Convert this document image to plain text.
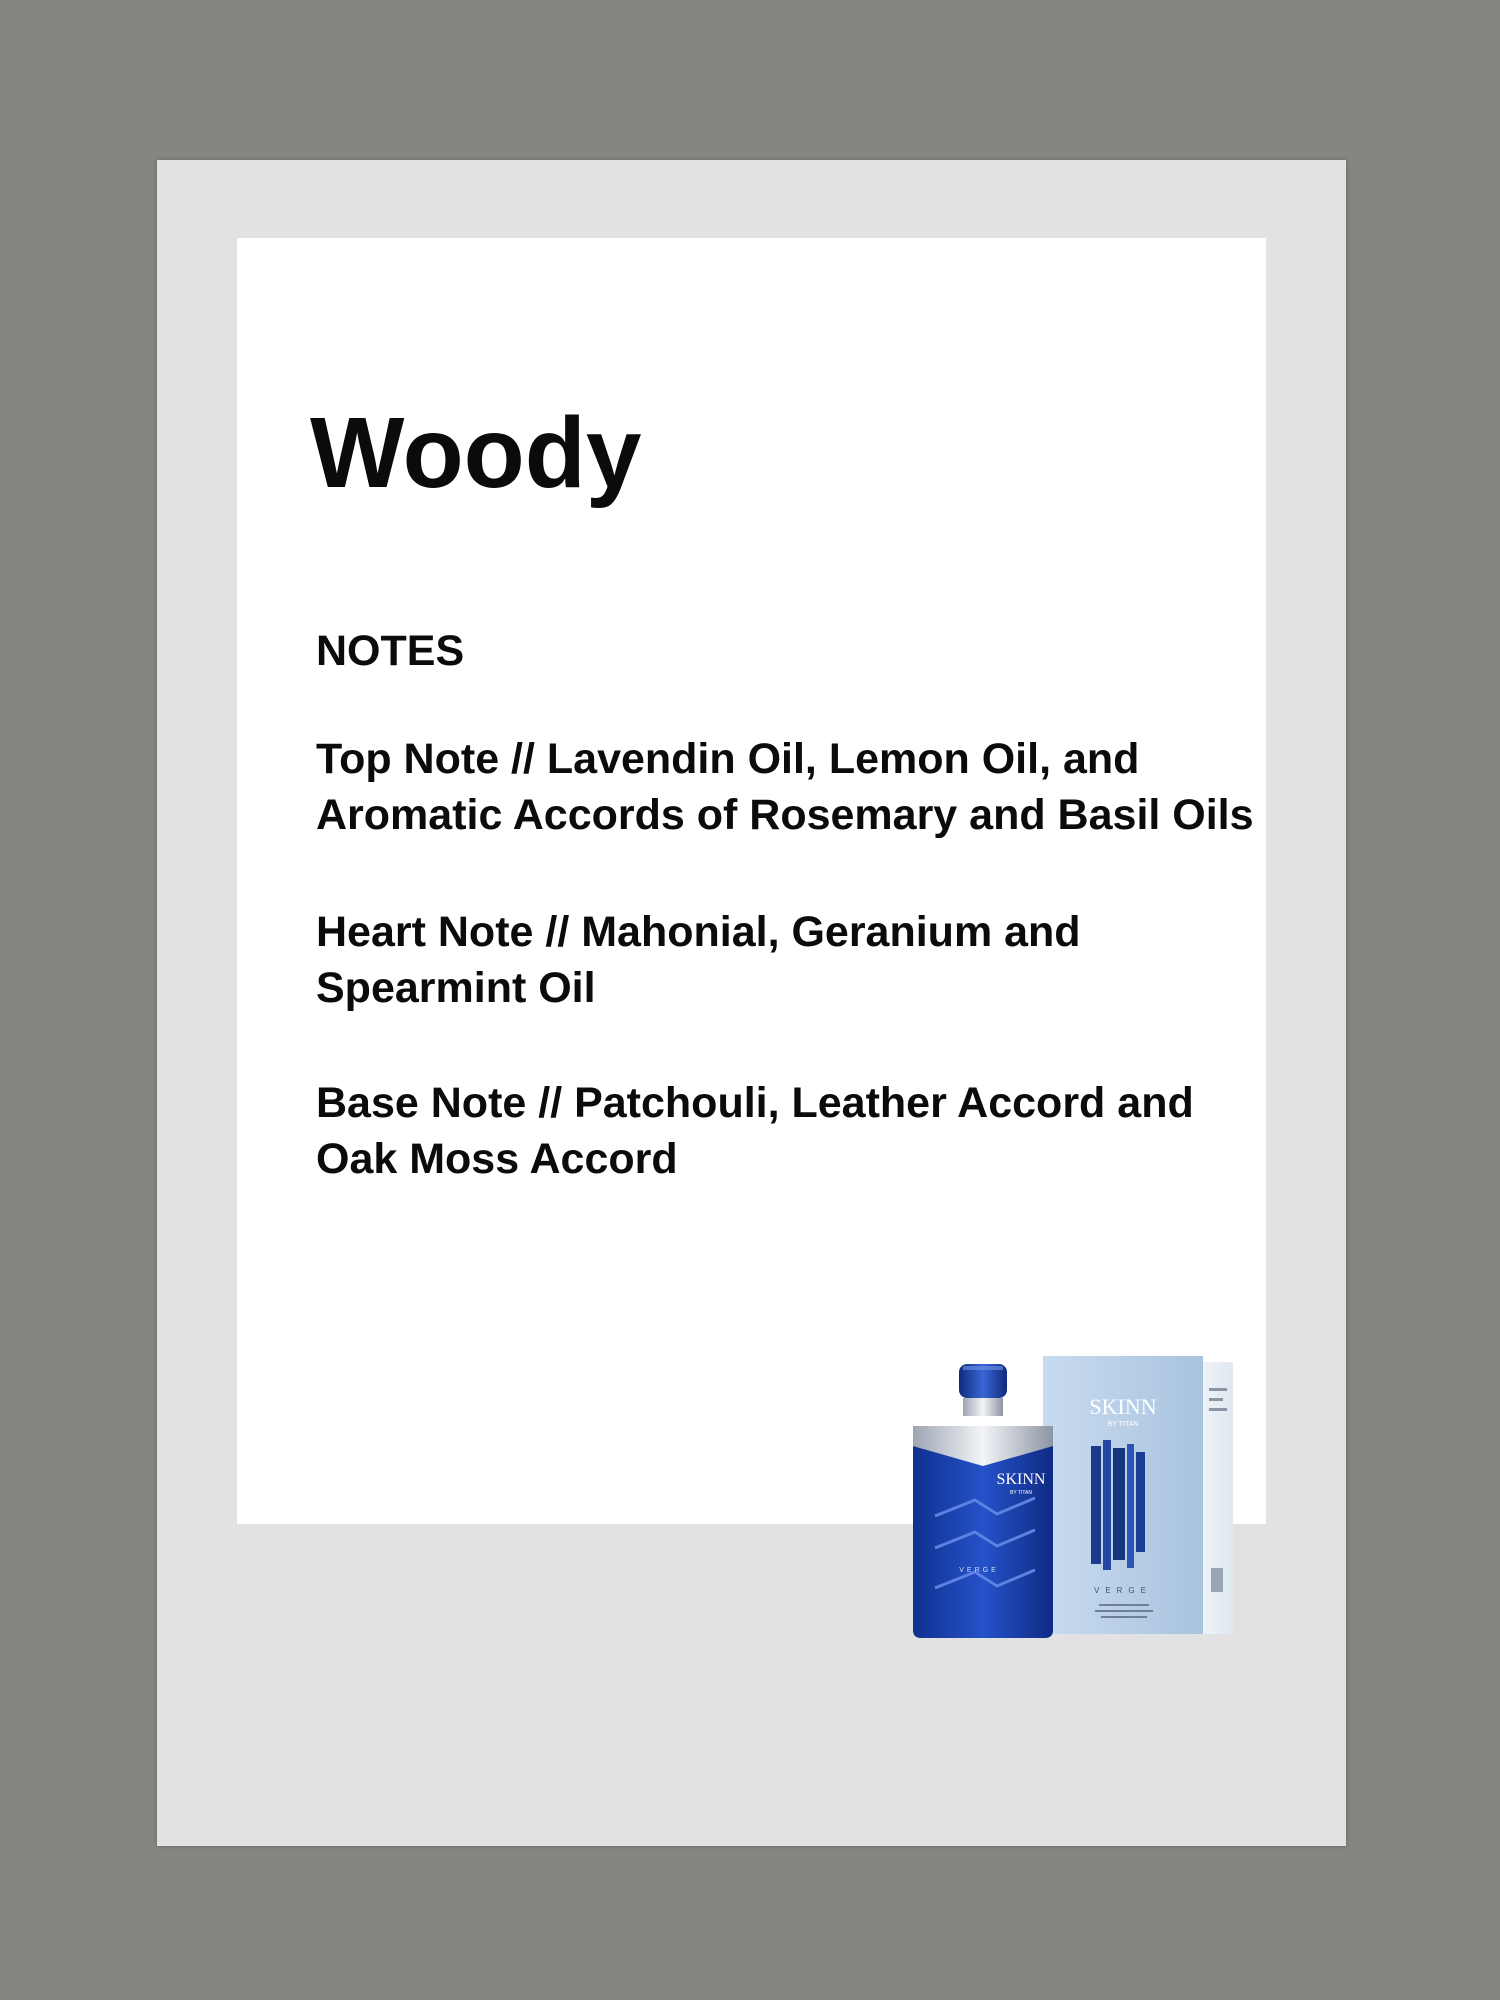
Woody
NOTES

Top Note // Lavendin Oil, Lemon Oil, and Aromatic Accords of Rosemary and Basil Oils

Heart Note // Mahonial, Geranium and Spearmint Oil

Base Note // Patchouli, Leather Accord and Oak Moss Accord

SKINN
BY TITAN
VERGE
SKINN
BY TITAN
VERGE
